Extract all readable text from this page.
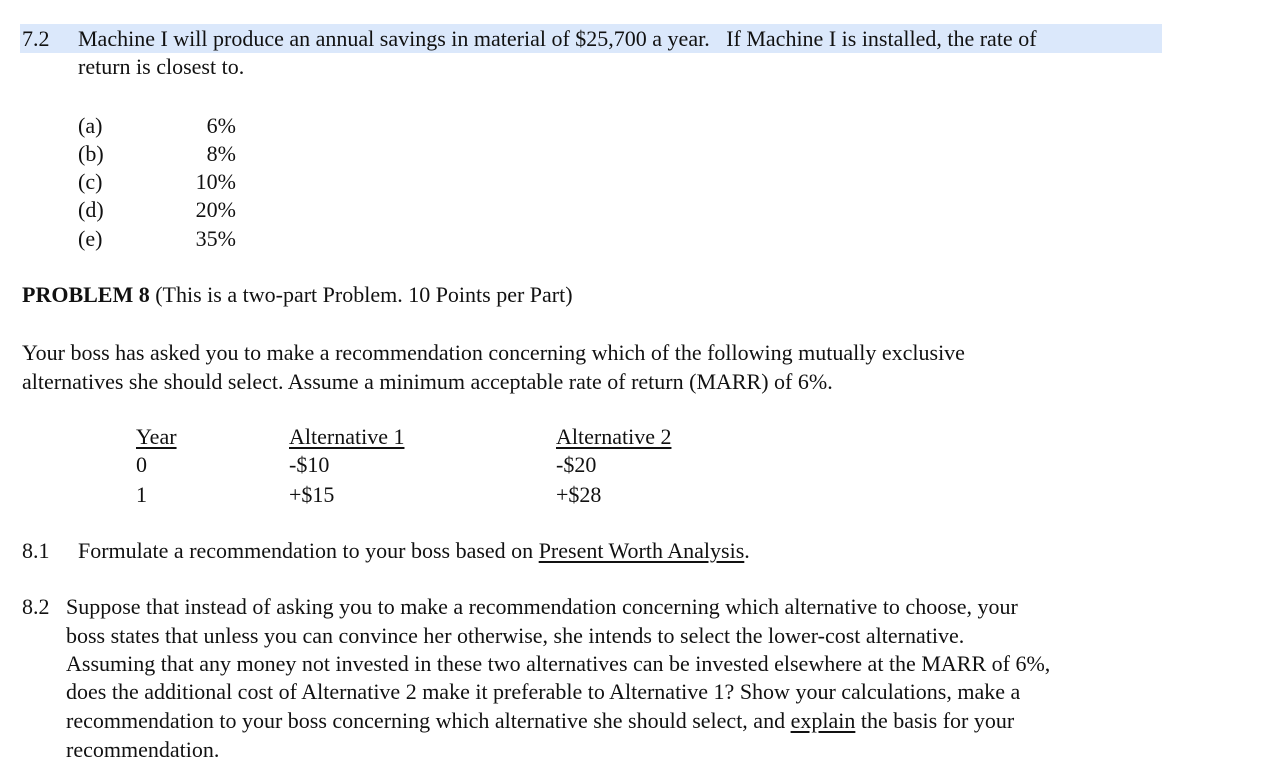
7.2 Machine I will produce an annual savings in material of $25,700 a year.   If Machine I is installed, the rate of
return is closest to.
(a)	6%
(b)	8%
(c)	10%
(d)	20%
(e)	35%
PROBLEM 8 (This is a two-part Problem. 10 Points per Part)
Your boss has asked you to make a recommendation concerning which of the following mutually exclusive
alternatives she should select. Assume a minimum acceptable rate of return (MARR) of 6%.
Year	Alternative 1	Alternative 2
0	-$10	-$20
1	+$15	+$28
8.1 Formulate a recommendation to your boss based on Present Worth Analysis.
8.2 Suppose that instead of asking you to make a recommendation concerning which alternative to choose, your
boss states that unless you can convince her otherwise, she intends to select the lower-cost alternative.
Assuming that any money not invested in these two alternatives can be invested elsewhere at the MARR of 6%,
does the additional cost of Alternative 2 make it preferable to Alternative 1? Show your calculations, make a
recommendation to your boss concerning which alternative she should select, and explain the basis for your
recommendation.
